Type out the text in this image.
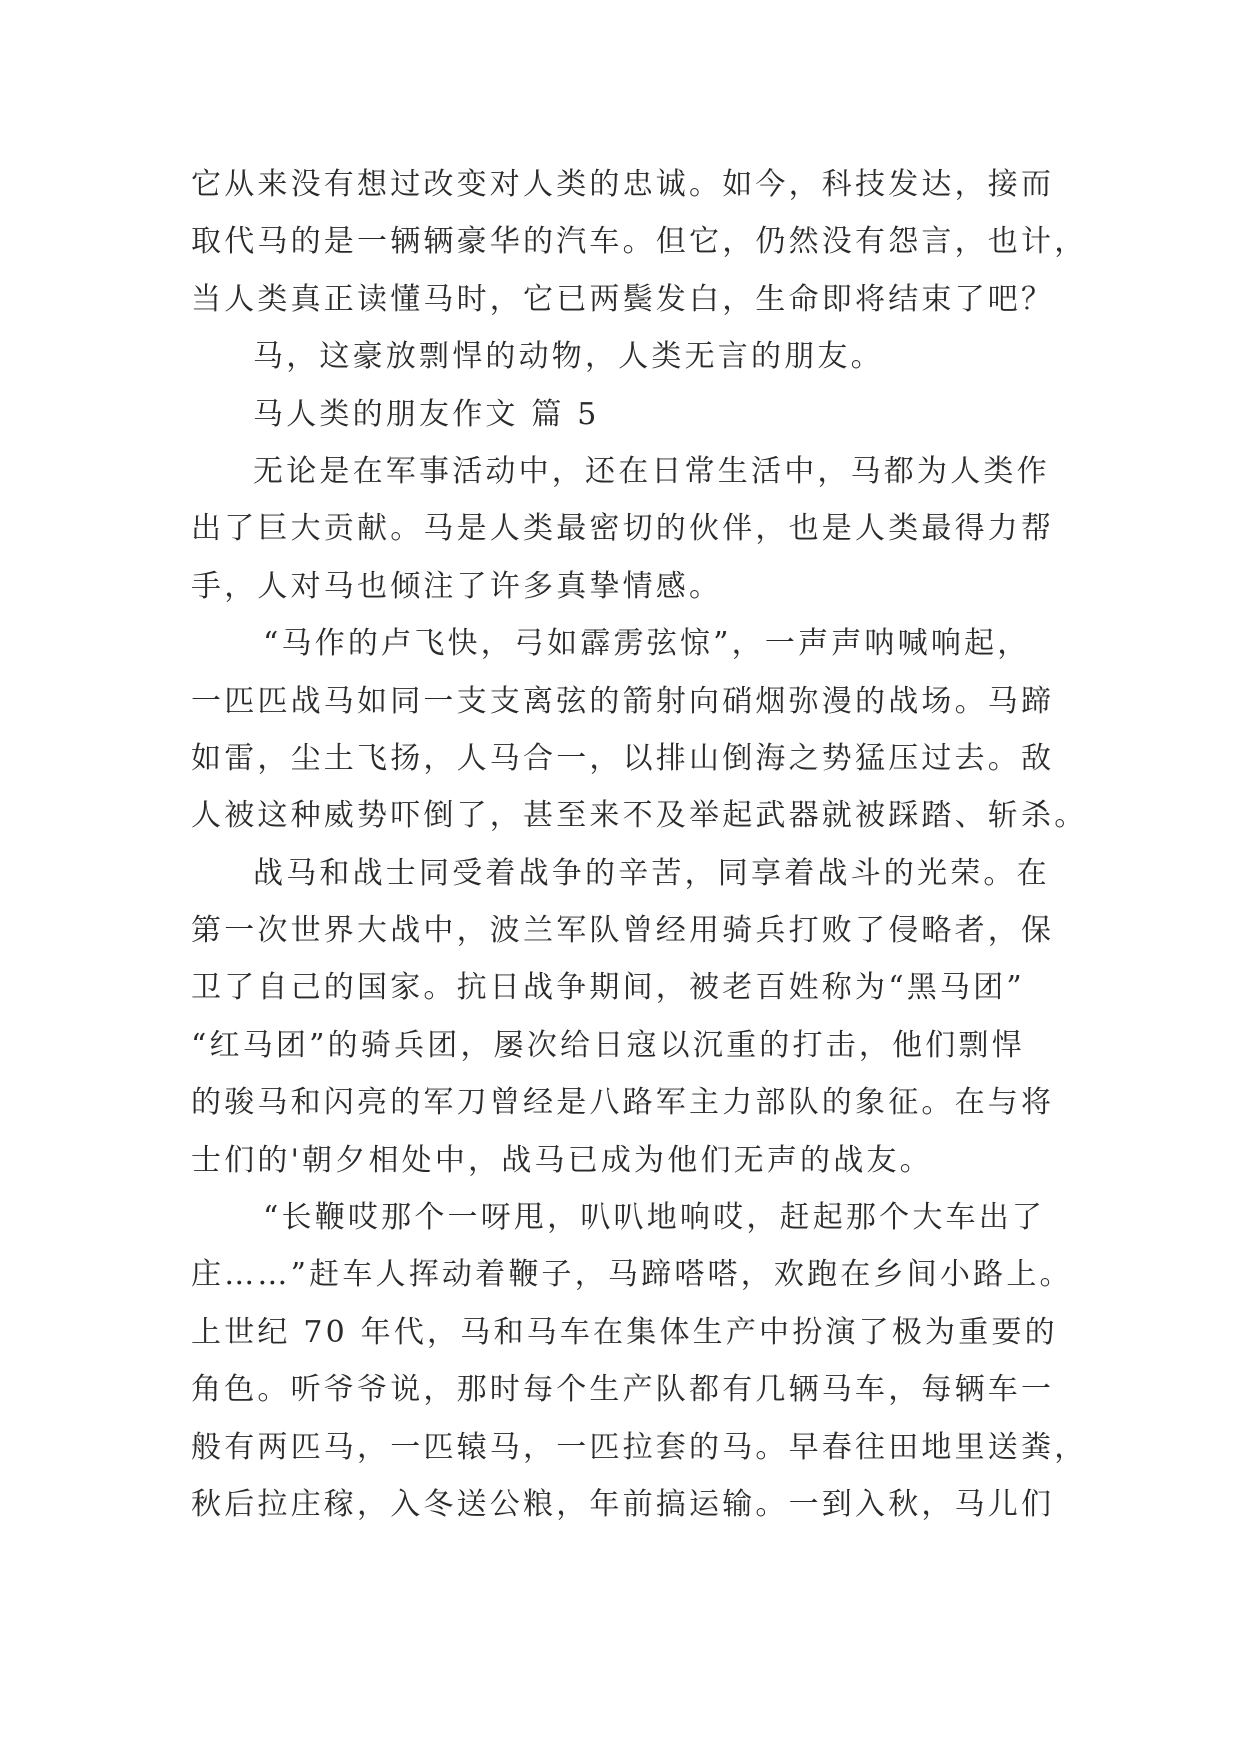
它从来没有想过改变对人类的忠诚。如今，科技发达，接而
取代马的是一辆辆豪华的汽车。但它，仍然没有怨言，也计，
当人类真正读懂马时，它已两鬓发白，生命即将结束了吧？
马，这豪放剽悍的动物，人类无言的朋友。
马人类的朋友作文 篇 5
无论是在军事活动中，还在日常生活中，马都为人类作
出了巨大贡献。马是人类最密切的伙伴，也是人类最得力帮
手，人对马也倾注了许多真挚情感。
“马作的卢飞快，弓如霹雳弦惊”，一声声呐喊响起，
一匹匹战马如同一支支离弦的箭射向硝烟弥漫的战场。马蹄
如雷，尘土飞扬，人马合一，以排山倒海之势猛压过去。敌
人被这种威势吓倒了，甚至来不及举起武器就被踩踏、斩杀。
战马和战士同受着战争的辛苦，同享着战斗的光荣。在
第一次世界大战中，波兰军队曾经用骑兵打败了侵略者，保
卫了自己的国家。抗日战争期间，被老百姓称为“黑马团”
“红马团”的骑兵团，屡次给日寇以沉重的打击，他们剽悍
的骏马和闪亮的军刀曾经是八路军主力部队的象征。在与将
士们的'朝夕相处中，战马已成为他们无声的战友。
“长鞭哎那个一呀甩，叭叭地响哎，赶起那个大车出了
庄……”赶车人挥动着鞭子，马蹄嗒嗒，欢跑在乡间小路上。
上世纪 70 年代，马和马车在集体生产中扮演了极为重要的
角色。听爷爷说，那时每个生产队都有几辆马车，每辆车一
般有两匹马，一匹辕马，一匹拉套的马。早春往田地里送粪，
秋后拉庄稼，入冬送公粮，年前搞运输。一到入秋，马儿们
